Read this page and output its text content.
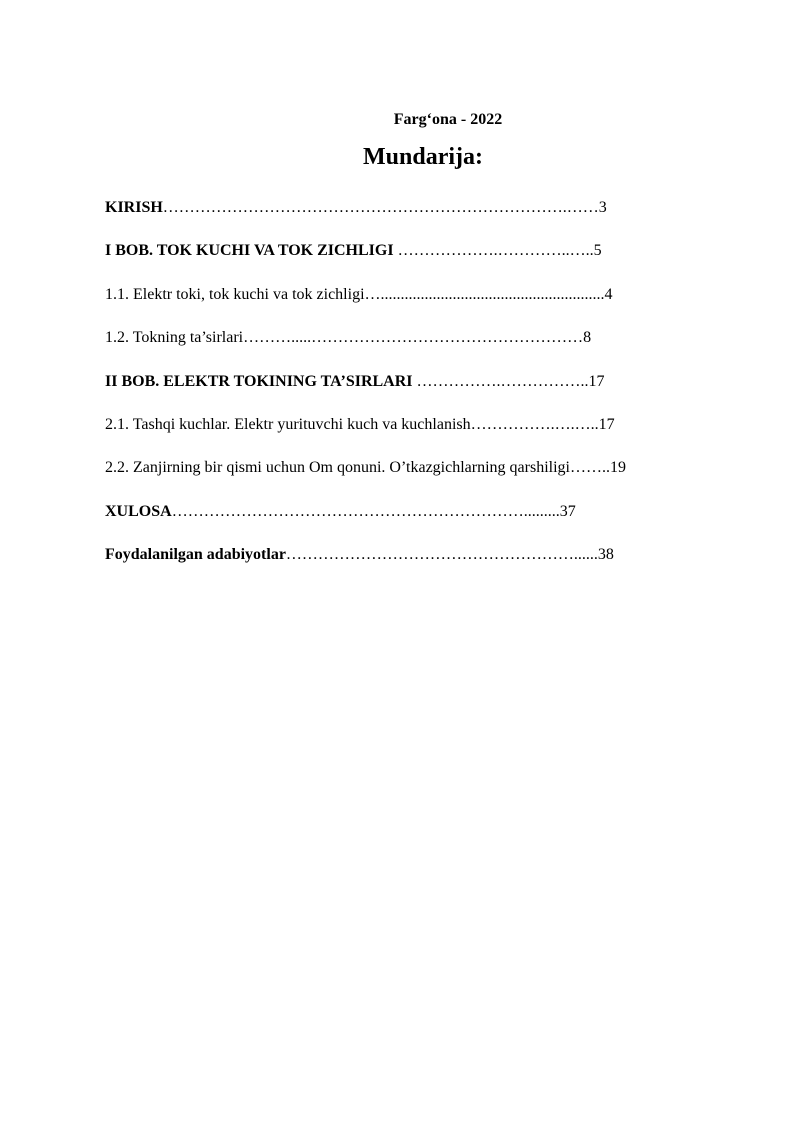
Farg‘ona - 2022
Mundarija:
KIRISH………………………………………………………………….……3
I BOB. TOK KUCHI VA TOK ZICHLIGI ……………….…………..…..5
1.1. Elektr toki, tok kuchi va tok zichligi…........................................................4
1.2. Tokning ta’sirlari……….....……………………………………………8
II BOB. ELEKTR TOKINING TA’SIRLARI …………….……………..17
2.1. Tashqi kuchlar. Elektr yurituvchi kuch va kuchlanish…………….….…..17
2.2. Zanjirning bir qismi uchun Om qonuni. O’tkazgichlarning qarshiligi……..19
XULOSA………………………………………………………….........37
Foydalanilgan adabiyotlar………………………………………………......38
